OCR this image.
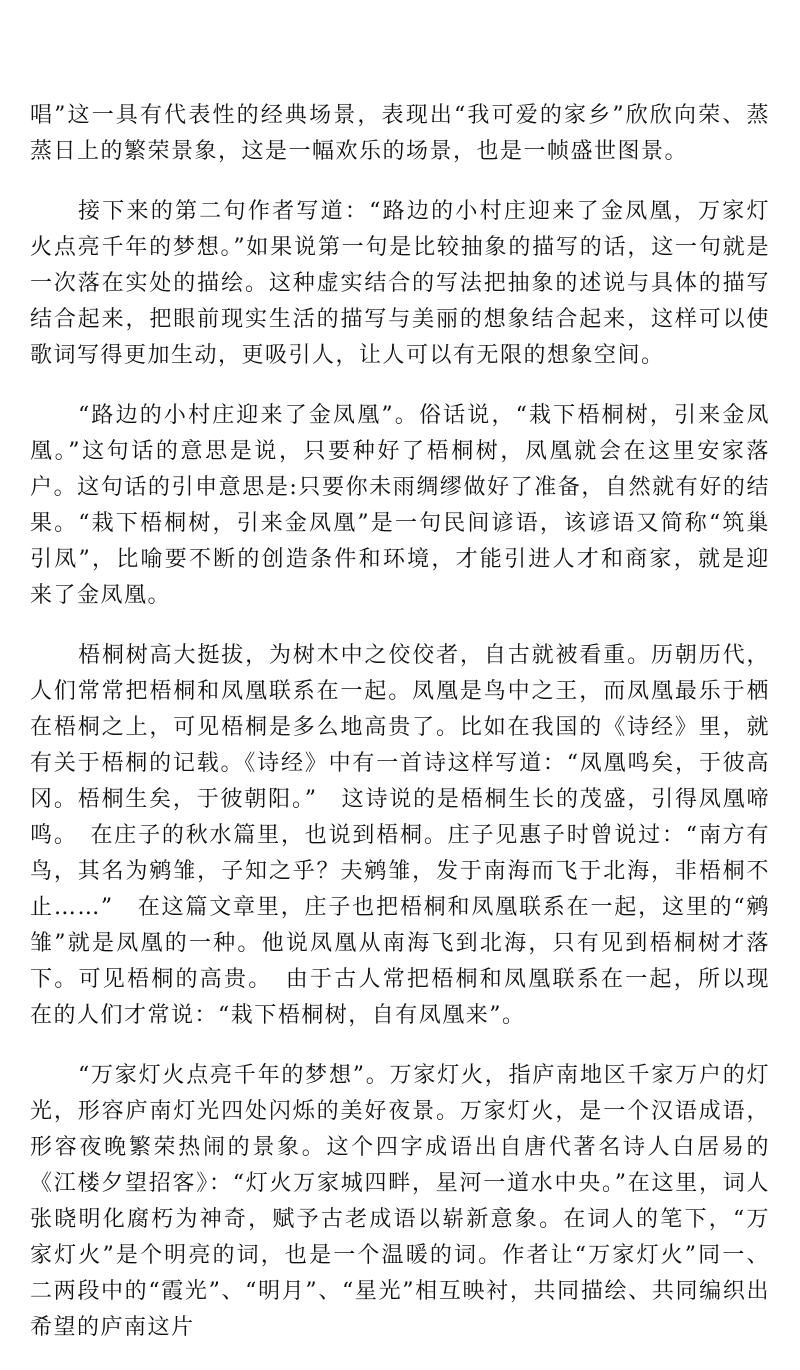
唱”这一具有代表性的经典场景，表现出“我可爱的家乡”欣欣向荣、蒸蒸日上的繁荣景象，这是一幅欢乐的场景，也是一帧盛世图景。

接下来的第二句作者写道：“路边的小村庄迎来了金凤凰，万家灯火点亮千年的梦想。”如果说第一句是比较抽象的描写的话，这一句就是一次落在实处的描绘。这种虚实结合的写法把抽象的述说与具体的描写结合起来，把眼前现实生活的描写与美丽的想象结合起来，这样可以使歌词写得更加生动，更吸引人，让人可以有无限的想象空间。

“路边的小村庄迎来了金凤凰”。俗话说，“栽下梧桐树，引来金凤凰。”这句话的意思是说，只要种好了梧桐树，凤凰就会在这里安家落户。这句话的引申意思是:只要你未雨绸缪做好了准备，自然就有好的结果。“栽下梧桐树，引来金凤凰”是一句民间谚语，该谚语又简称“筑巢引凤”，比喻要不断的创造条件和环境，才能引进人才和商家，就是迎来了金凤凰。

梧桐树高大挺拔，为树木中之佼佼者，自古就被看重。历朝历代，人们常常把梧桐和凤凰联系在一起。凤凰是鸟中之王，而凤凰最乐于栖在梧桐之上，可见梧桐是多么地高贵了。比如在我国的《诗经》里，就有关于梧桐的记载。《诗经》中有一首诗这样写道：“凤凰鸣矣，于彼高冈。梧桐生矣，于彼朝阳。”　这诗说的是梧桐生长的茂盛，引得凤凰啼鸣。　在庄子的秋水篇里，也说到梧桐。庄子见惠子时曾说过：“南方有鸟，其名为鹓雏，子知之乎？夫鹓雏，发于南海而飞于北海，非梧桐不止……”　在这篇文章里，庄子也把梧桐和凤凰联系在一起，这里的“鹓雏”就是凤凰的一种。他说凤凰从南海飞到北海，只有见到梧桐树才落下。可见梧桐的高贵。　由于古人常把梧桐和凤凰联系在一起，所以现在的人们才常说：“栽下梧桐树，自有凤凰来”。

“万家灯火点亮千年的梦想”。万家灯火，指庐南地区千家万户的灯光，形容庐南灯光四处闪烁的美好夜景。万家灯火，是一个汉语成语，形容夜晚繁荣热闹的景象。这个四字成语出自唐代著名诗人白居易的《江楼夕望招客》：“灯火万家城四畔，星河一道水中央。”在这里，词人张晓明化腐朽为神奇，赋予古老成语以崭新意象。在词人的笔下，“万家灯火”是个明亮的词，也是一个温暖的词。作者让“万家灯火”同一、二两段中的“霞光”、“明月”、“星光”相互映衬，共同描绘、共同编织出希望的庐南这片
